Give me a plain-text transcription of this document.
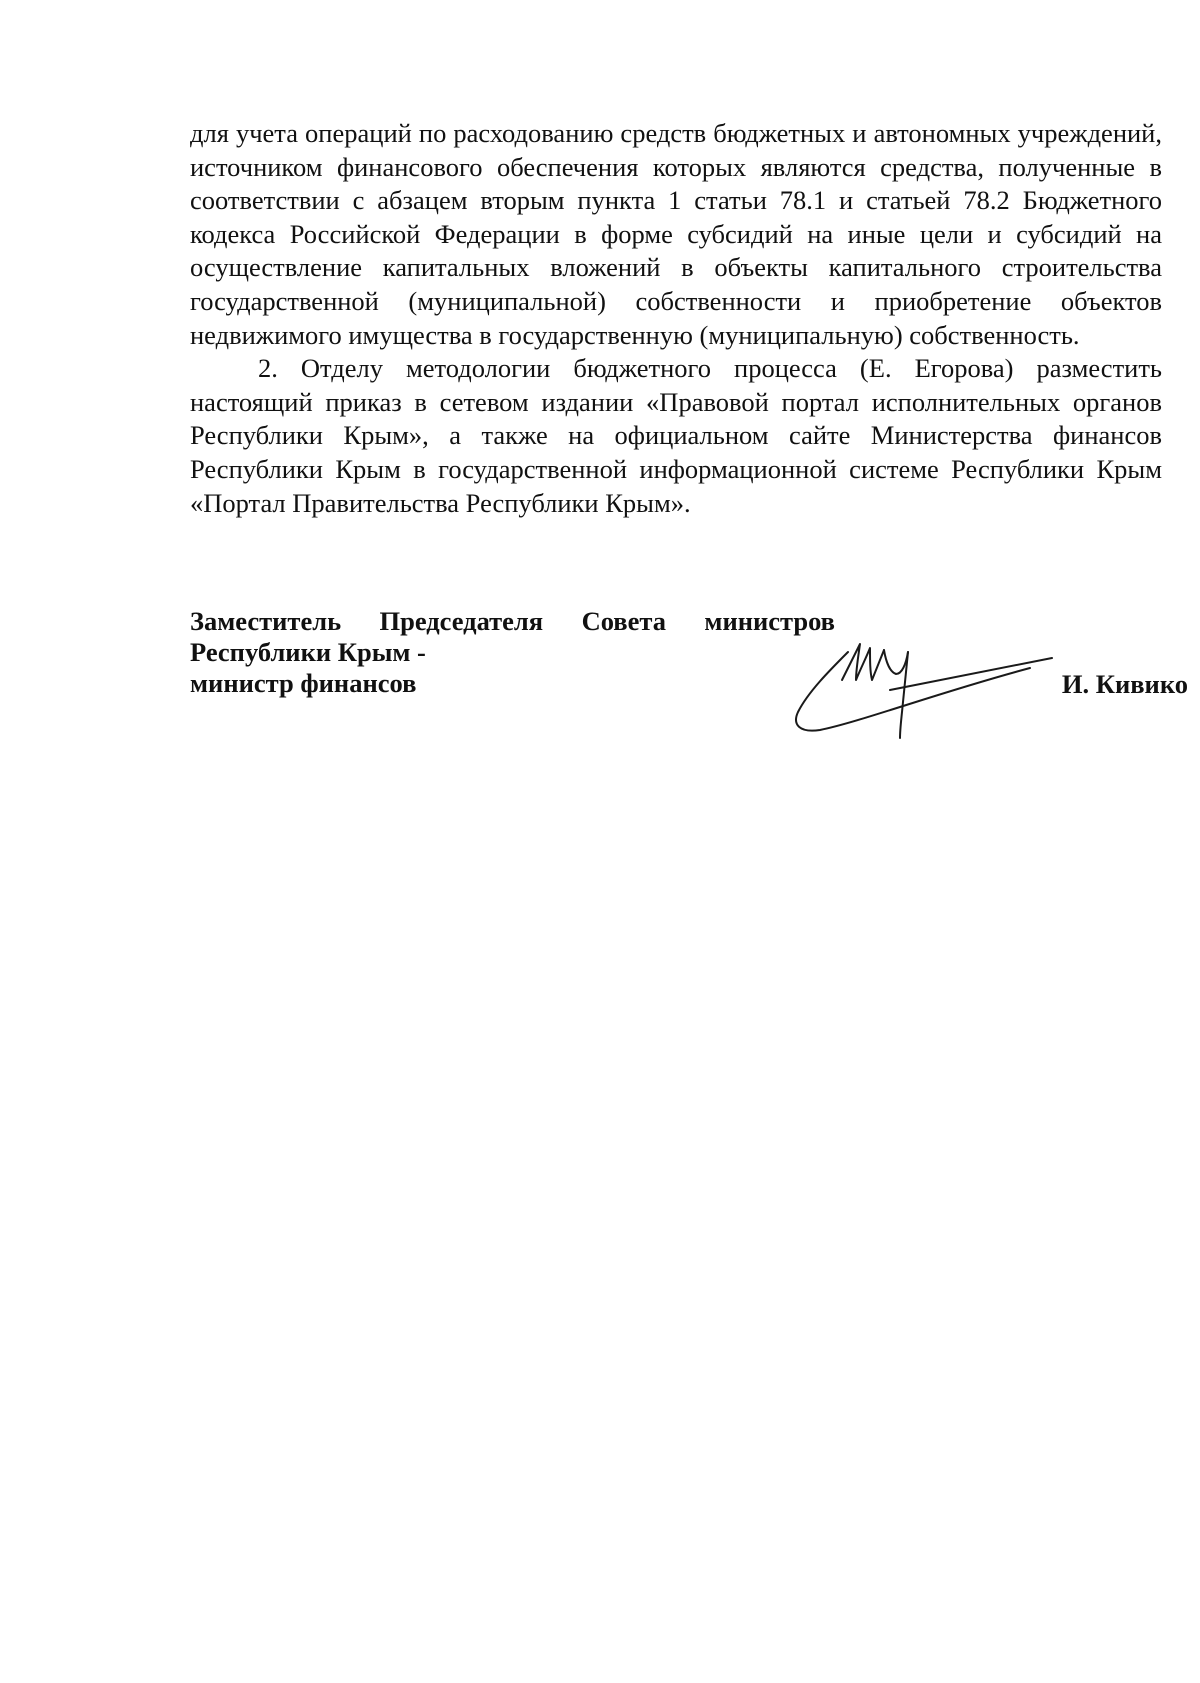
для учета операций по расходованию средств бюджетных и автономных учреждений, источником финансового обеспечения которых являются средства, полученные в соответствии с абзацем вторым пункта 1 статьи 78.1 и статьей 78.2 Бюджетного кодекса Российской Федерации в форме субсидий на иные цели и субсидий на осуществление капитальных вложений в объекты капитального строительства государственной (муниципальной) собственности и приобретение объектов недвижимого имущества в государственную (муниципальную) собственность.

2. Отделу методологии бюджетного процесса (Е. Егорова) разместить настоящий приказ в сетевом издании «Правовой портал исполнительных органов Республики Крым», а также на официальном сайте Министерства финансов Республики Крым в государственной информационной системе Республики Крым «Портал Правительства Республики Крым».

Заместитель Председателя Совета министров
Республики Крым -
министр финансов	И. Кивико
